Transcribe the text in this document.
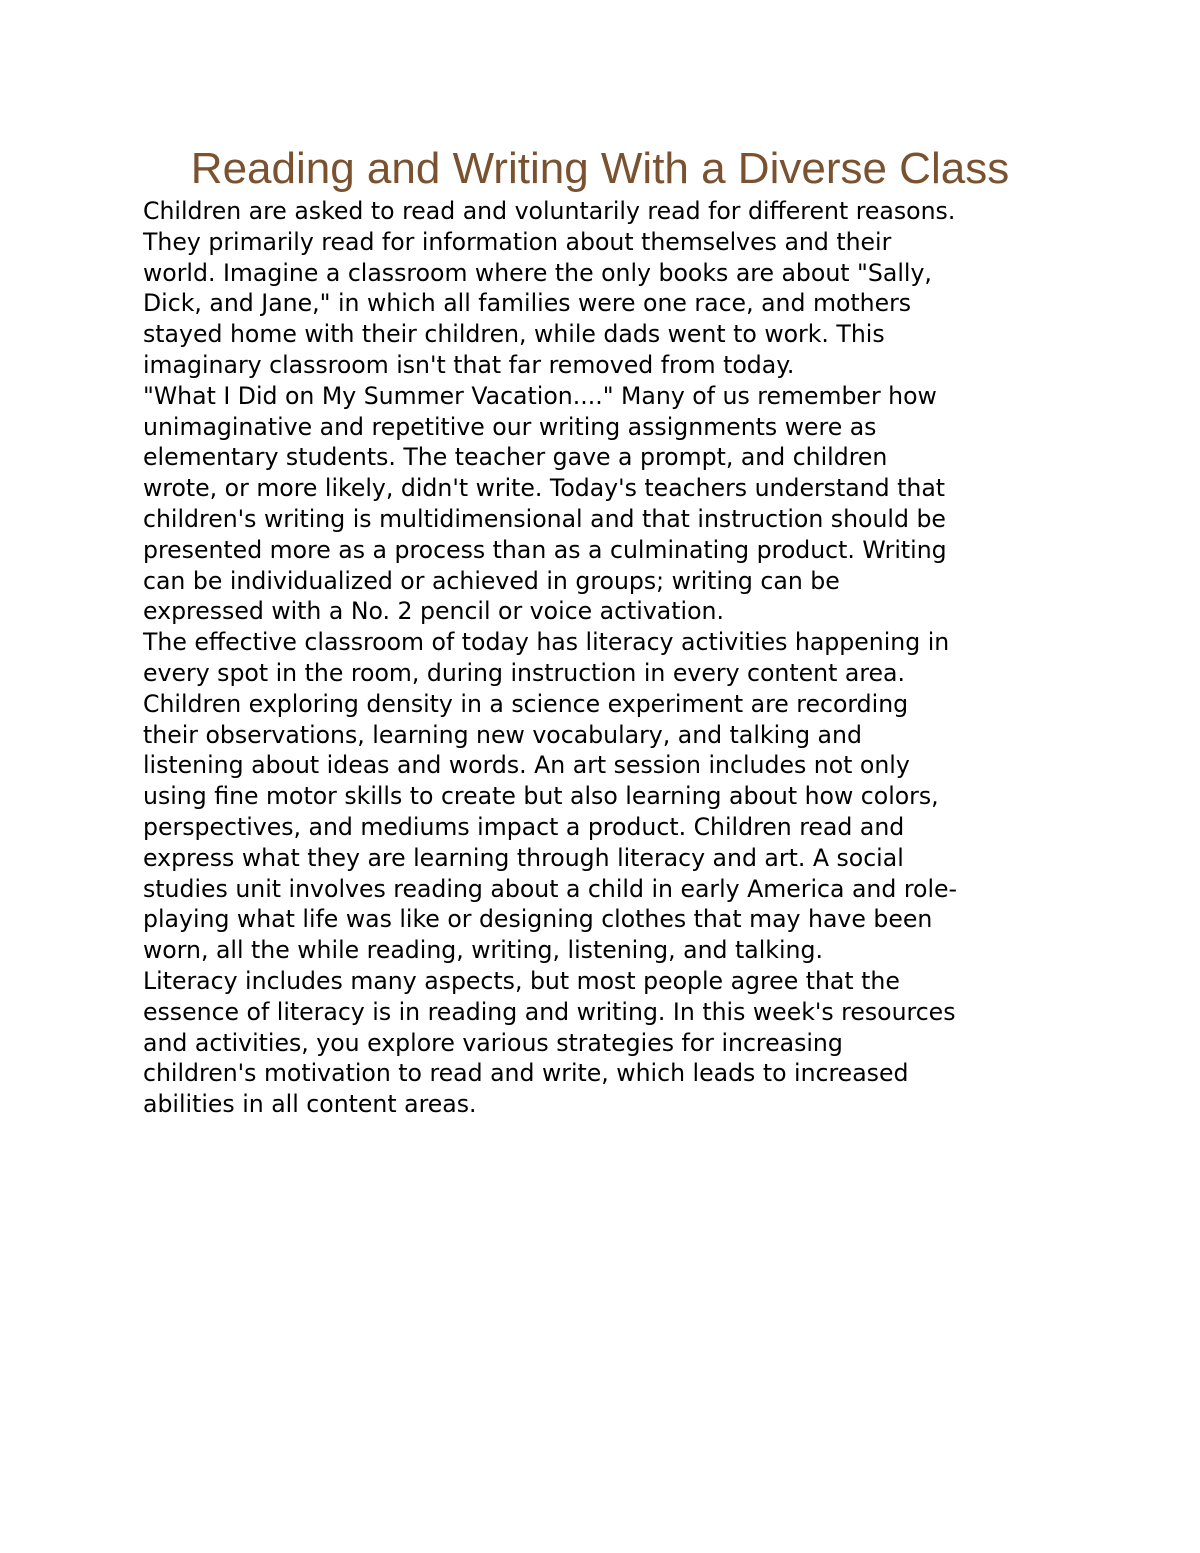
Reading and Writing With a Diverse Class

Children are asked to read and voluntarily read for different reasons.
They primarily read for information about themselves and their
world. Imagine a classroom where the only books are about "Sally,
Dick, and Jane," in which all families were one race, and mothers
stayed home with their children, while dads went to work. This
imaginary classroom isn't that far removed from today.

"What I Did on My Summer Vacation...." Many of us remember how
unimaginative and repetitive our writing assignments were as
elementary students. The teacher gave a prompt, and children
wrote, or more likely, didn't write. Today's teachers understand that
children's writing is multidimensional and that instruction should be
presented more as a process than as a culminating product. Writing
can be individualized or achieved in groups; writing can be
expressed with a No. 2 pencil or voice activation.

The effective classroom of today has literacy activities happening in
every spot in the room, during instruction in every content area.
Children exploring density in a science experiment are recording
their observations, learning new vocabulary, and talking and
listening about ideas and words. An art session includes not only
using fine motor skills to create but also learning about how colors,
perspectives, and mediums impact a product. Children read and
express what they are learning through literacy and art. A social
studies unit involves reading about a child in early America and role-
playing what life was like or designing clothes that may have been
worn, all the while reading, writing, listening, and talking.

Literacy includes many aspects, but most people agree that the
essence of literacy is in reading and writing. In this week's resources
and activities, you explore various strategies for increasing
children's motivation to read and write, which leads to increased
abilities in all content areas.
